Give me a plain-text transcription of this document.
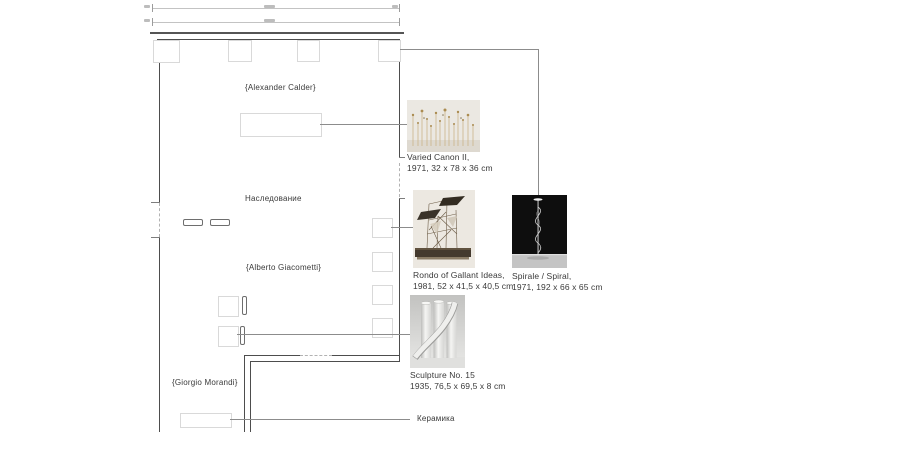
{Alexander Calder}
Наследование
{Alberto Giacometti}
{Giorgio Morandi}
Керамика
Varied Canon II,
1971, 32 x 78 x 36 cm
Rondo of Gallant Ideas,
1981, 52 x 41,5 x 40,5 cm
Spirale / Spiral,
1971, 192 x 66 x 65 cm
Sculpture No. 15
1935, 76,5 x 69,5 x 8 cm
